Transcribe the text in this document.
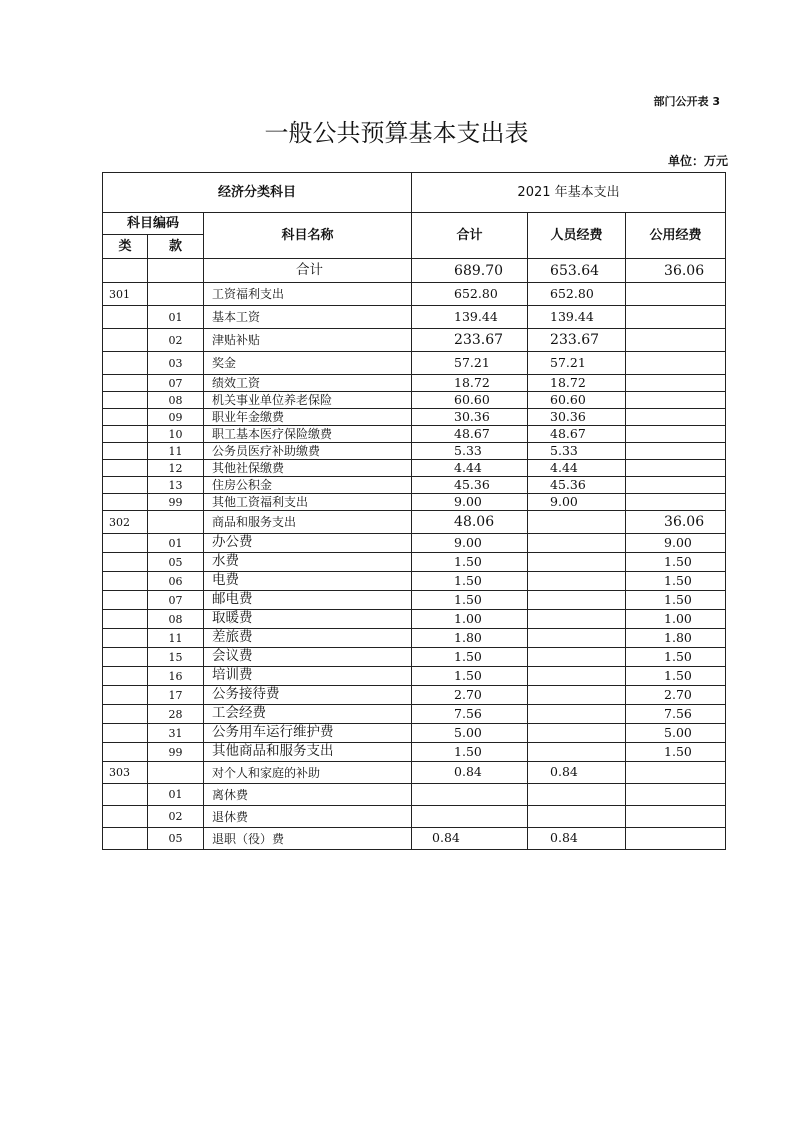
部门公开表 3
一般公共预算基本支出表
单位：万元
经济分类科目			2021 年基本支出		
科目编码		科目名称	合计	人员经费	公用经费
类	款				
		合计	689.70	653.64	36.06
301		工资福利支出	652.80	652.80	
	01	基本工资	139.44	139.44	
	02	津贴补贴	233.67	233.67	
	03	奖金	57.21	57.21	
	07	绩效工资	18.72	18.72	
	08	机关事业单位养老保险	60.60	60.60	
	09	职业年金缴费	30.36	30.36	
	10	职工基本医疗保险缴费	48.67	48.67	
	11	公务员医疗补助缴费	5.33	5.33	
	12	其他社保缴费	4.44	4.44	
	13	住房公积金	45.36	45.36	
	99	其他工资福利支出	9.00	9.00	
302		商品和服务支出	48.06		36.06
	01	办公费	9.00		9.00
	05	水费	1.50		1.50
	06	电费	1.50		1.50
	07	邮电费	1.50		1.50
	08	取暖费	1.00		1.00
	11	差旅费	1.80		1.80
	15	会议费	1.50		1.50
	16	培训费	1.50		1.50
	17	公务接待费	2.70		2.70
	28	工会经费	7.56		7.56
	31	公务用车运行维护费	5.00		5.00
	99	其他商品和服务支出	1.50		1.50
303		对个人和家庭的补助	0.84	0.84	
	01	离休费			
	02	退休费			
	05	退职（役）费	0.84	0.84	
